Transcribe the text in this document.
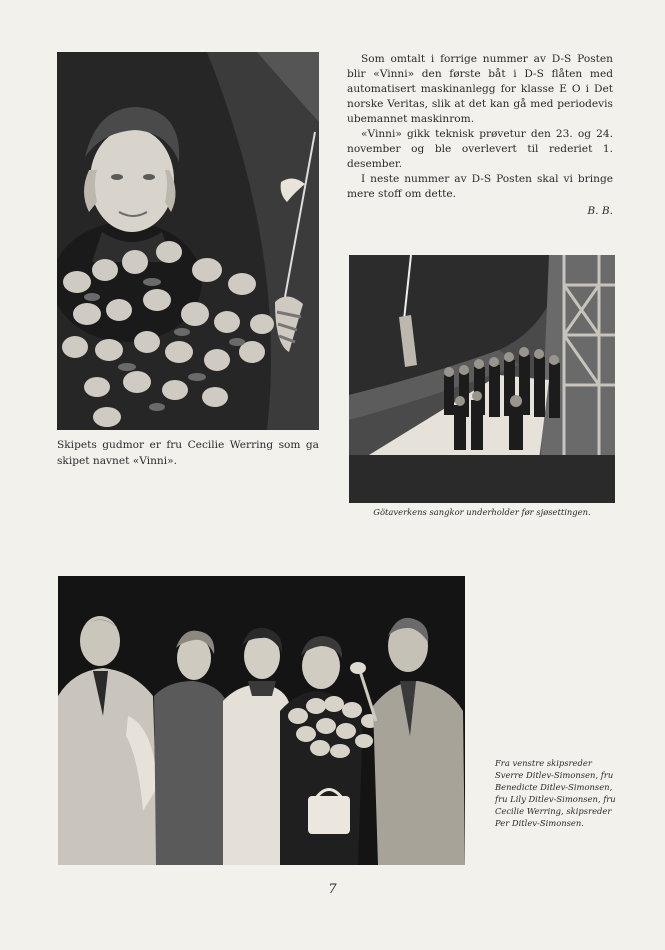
Som omtalt i forrige nummer av D-S Posten blir «Vinni» den første båt i D-S flåten med automatisert maskinanlegg for klasse E O i Det norske Veritas, slik at det kan gå med periodevis ubemannet maskinrom.

«Vinni» gikk teknisk prøvetur den 23. og 24. november og ble overlevert til rederiet 1. desember.

I neste nummer av D-S Posten skal vi bringe mere stoff om dette.

B. B.
Skipets gudmor er fru Cecilie Werring som ga skipet navnet «Vinni».
Götaverkens sangkor underholder før sjøsettingen.
Fra venstre skipsreder Sverre Ditlev-Simonsen, fru Benedicte Ditlev-Simonsen, fru Lily Ditlev-Simonsen, fru Cecilie Werring, skipsreder Per Ditlev-Simonsen.
7
